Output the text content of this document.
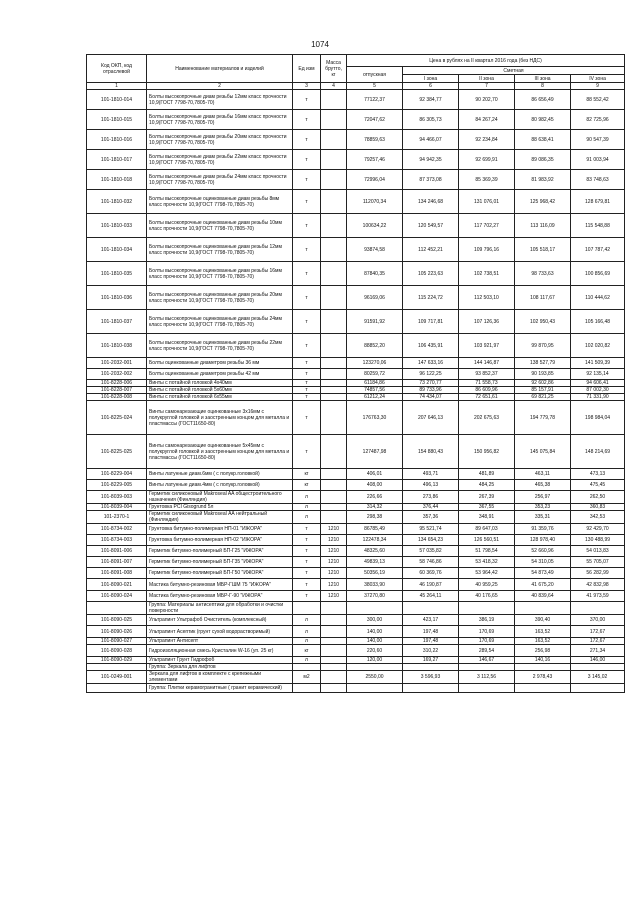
1074
Код ОКП, код отраслевой	Наименование материалов и изделий	Ед изм	Масса брутто, кг	Цена в рублях на II квартал 2016 года (без НДС)				
				отпускная	Сметная			
					I зона	II зона	III зона	IV зона
1	2	3	4	5	6	7	8	9
101-1810-014	Болты высокопрочные диам резьбы 12мм класс прочности 10,9(ГОСТ 7798-70,7805-70)	т		77122,37	92 384,77	90 202,70	86 656,49	88 552,42
101-1810-015	Болты высокопрочные диам резьбы 16мм класс прочности 10,9(ГОСТ 7798-70,7805-70)	т		72047,62	86 305,73	84 267,24	80 982,45	82 725,96
101-1810-016	Болты высокопрочные диам резьбы 20мм класс прочности 10,9(ГОСТ 7798-70,7805-70)	т		78859,63	94 466,07	92 234,84	88 638,41	90 547,39
101-1810-017	Болты высокопрочные диам резьбы 22мм класс прочности 10,9(ГОСТ 7798-70,7805-70)	т		79257,46	94 942,35	92 699,91	89 086,35	91 003,94
101-1810-018	Болты высокопрочные диам резьбы 24мм класс прочности 10,9(ГОСТ 7798-70,7805-70)	т		72996,04	87 373,08	85 369,39	81 983,92	83 748,63
101-1810-032	Болты высокопрочные оцинкованные диам резьбы 8мм класс прочности 10,9(ГОСТ 7798-70,7805-70)	т		112070,34	134 246,68	131 076,01	125 968,42	128 679,81
101-1810-033	Болты высокопрочные оцинкованные диам резьбы 10мм класс прочности 10,9(ГОСТ 7798-70,7805-70)	т		100634,22	120 549,57	117 702,27	113 116,09	115 548,88
101-1810-034	Болты высокопрочные оцинкованные диам резьбы 12мм класс прочности 10,9(ГОСТ 7798-70,7805-70)	т		93874,58	112 452,21	109 796,16	105 518,17	107 787,42
101-1810-035	Болты высокопрочные оцинкованные диам резьбы 16мм класс прочности 10,9(ГОСТ 7798-70,7805-70)	т		87840,35	105 223,63	102 738,51	98 733,63	100 856,69
101-1810-036	Болты высокопрочные оцинкованные диам резьбы 20мм класс прочности 10,9(ГОСТ 7798-70,7805-70)	т		96169,06	115 224,72	112 503,10	108 117,67	110 444,62
101-1810-037	Болты высокопрочные оцинкованные диам резьбы 24мм класс прочности 10,9(ГОСТ 7798-70,7805-70)	т		91591,92	109 717,81	107 126,36	102 950,43	105 166,48
101-1810-038	Болты высокопрочные оцинкованные диам резьбы 22мм класс прочности 10,9(ГОСТ 7798-70,7805-70)	т		88852,20	106 435,91	103 921,97	99 870,95	102 020,82
101-2032-001	Болты оцинкованные диаметром резьбы 36 мм	т		123270,06	147 633,16	144 146,87	138 527,79	141 509,39
101-2032-002	Болты оцинкованные диаметром резьбы 42 мм	т		80259,72	96 122,25	93 852,37	90 193,85	92 135,14
101-8228-006	Винты с потайной головкой 4х40мм	т		61184,86	73 270,77	71 558,73	92 602,86	94 606,41
101-8228-007	Винты с потайной головкой 5х60мм	т		74857,56	89 733,96	86 609,96	85 157,91	87 002,30
101-8228-008	Винты с потайной головкой 6х55мм	т		61212,24	74 434,07	72 651,61	69 821,25	71 331,90
101-8225-024	Винты самонарезающие оцинкованные 3х16мм с полукруглой головкой и заостренным концом для металла и пластмассы (ГОСТ11650-80)	т		176763,30	207 646,13	202 675,63	194 779,78	198 984,04
101-8225-025	Винты самонарезающие оцинкованные 5х45мм с полукруглой головкой и заостренным концом для металла и пластмассы (ГОСТ11650-80)	т		127487,98	154 880,43	150 956,82	145 075,84	148 214,69
101-8229-004	Винты латунные диам.6мм ( с полукр.головкой)	кг		406,01	493,71	481,89	463,11	473,13
101-8229-005	Винты латунные диам.4мм ( с полукр.головкой)	кг		408,00	496,13	484,25	465,38	475,45
101-8039-003	Герметик силиконовый Makroseal AA общестроительного назначения (Финляндия)	л		226,66	273,86	267,39	256,97	262,50
101-8039-004	Грунтовка PCI Gisogrund 5л	л		314,32	376,44	367,55	353,23	360,83
101-2370-1	Герметик силиконовый Makroseal АА нейтральный (Финляндия)	л		298,38	357,36	348,91	335,31	342,53
101-8734-002	Грунтовка битумно-полимерная НП-01 "ИЖОРА"	т	1210	86785,49	95 521,74	89 647,03	91 359,76	92 429,70
101-8734-003	Грунтовка битумно-полимерная НП-02 "ИЖОРА"	т	1210	122478,34	134 654,23	126 560,51	128 978,40	130 488,99
101-8091-006	Герметик битумно-полимерный БП-Г25 "ИЖОРА"	т	1210	48325,60	57 035,82	51 798,54	52 660,96	54 013,83
101-8091-007	Герметик битумно-полимерный БП-Г35 "ИЖОРА"	т	1210	49839,13	58 746,86	53 418,32	54 310,05	55 705,07
101-8091-008	Герметик битумно-полимерный БП-Г50 "ИЖОРА"	т	1210	50356,19	60 369,76	53 964,42	54 873,49	56 282,99
101-8090-021	Мастика битумно-резиновая МБР-ГШМ 75 "ИЖОРА"	т	1210	38033,90	46 190,87	40 959,25	41 675,20	42 832,98
101-8090-024	Мастика битумно-резиновая МБР-Г-90 "ИЖОРА"	т	1210	37270,80	45 264,11	40 176,65	40 839,64	41 973,59
	Группа: Материалы антисептики для обработки и очистки поверхности							
101-8090-025	Ультрапинт Ультрафоб Очиститель (комплексный)	л		300,00	423,17	386,19	390,40	370,00
101-8090-026	Ультрапинт Асептик (грунт сухой водорастворимый)	л		140,00	197,48	170,69	163,52	172,67
101-8090-027	Ультрапинт Антисепт	л		140,00	197,48	170,69	163,52	172,67
101-8090-028	Гидроизоляционная смесь Кристалин W-16 (уп. 25 кг)	кг		220,60	310,22	289,54	256,98	271,34
101-8090-029	Ультрапинт Грунт Гидрофоб	л		120,00	169,27	146,67	140,16	146,00
	Группа: Зеркала для лифтов							
101-0249-001	Зеркала для лифтов в комплекте с крепежными элементами	м2		2550,00	3 596,93	3 112,56	2 978,43	3 145,02
	Группа: Плитки керамогранитные ( гранит керамический)							
